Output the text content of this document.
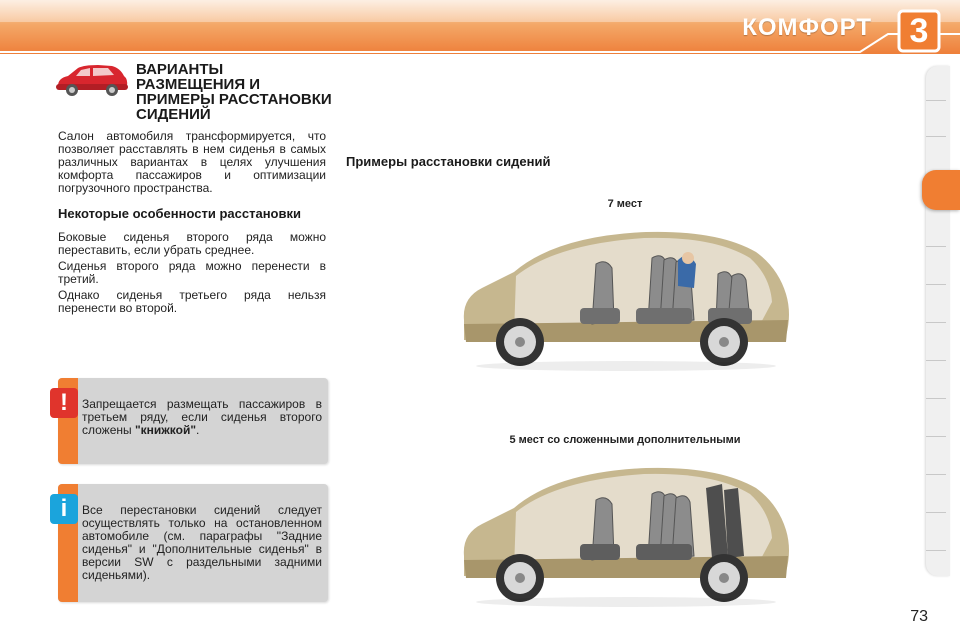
КОМФОРТ	3
ВАРИАНТЫ РАЗМЕЩЕНИЯ И ПРИМЕРЫ РАССТАНОВКИ СИДЕНИЙ
Салон автомобиля трансформируется, что позволяет расставлять в нем сиденья в самых различных вариантах в целях улучшения комфорта пассажиров и оптимизации погрузочного пространства.
Некоторые особенности расстановки
Боковые сиденья второго ряда можно переставить, если убрать среднее.
Сиденья второго ряда можно перенести в третий.
Однако сиденья третьего ряда нельзя перенести во второй.
Запрещается размещать пассажиров в третьем ряду, если сиденья второго сложены "книжкой".
!
Все перестановки сидений следует осуществлять только на остановленном автомобиле (см. параграфы "Задние сиденья" и "Дополнительные сиденья" в версии SW с раздельными задними сиденьями).
i
Примеры расстановки сидений
7 мест
5 мест со сложенными дополнительными
73
